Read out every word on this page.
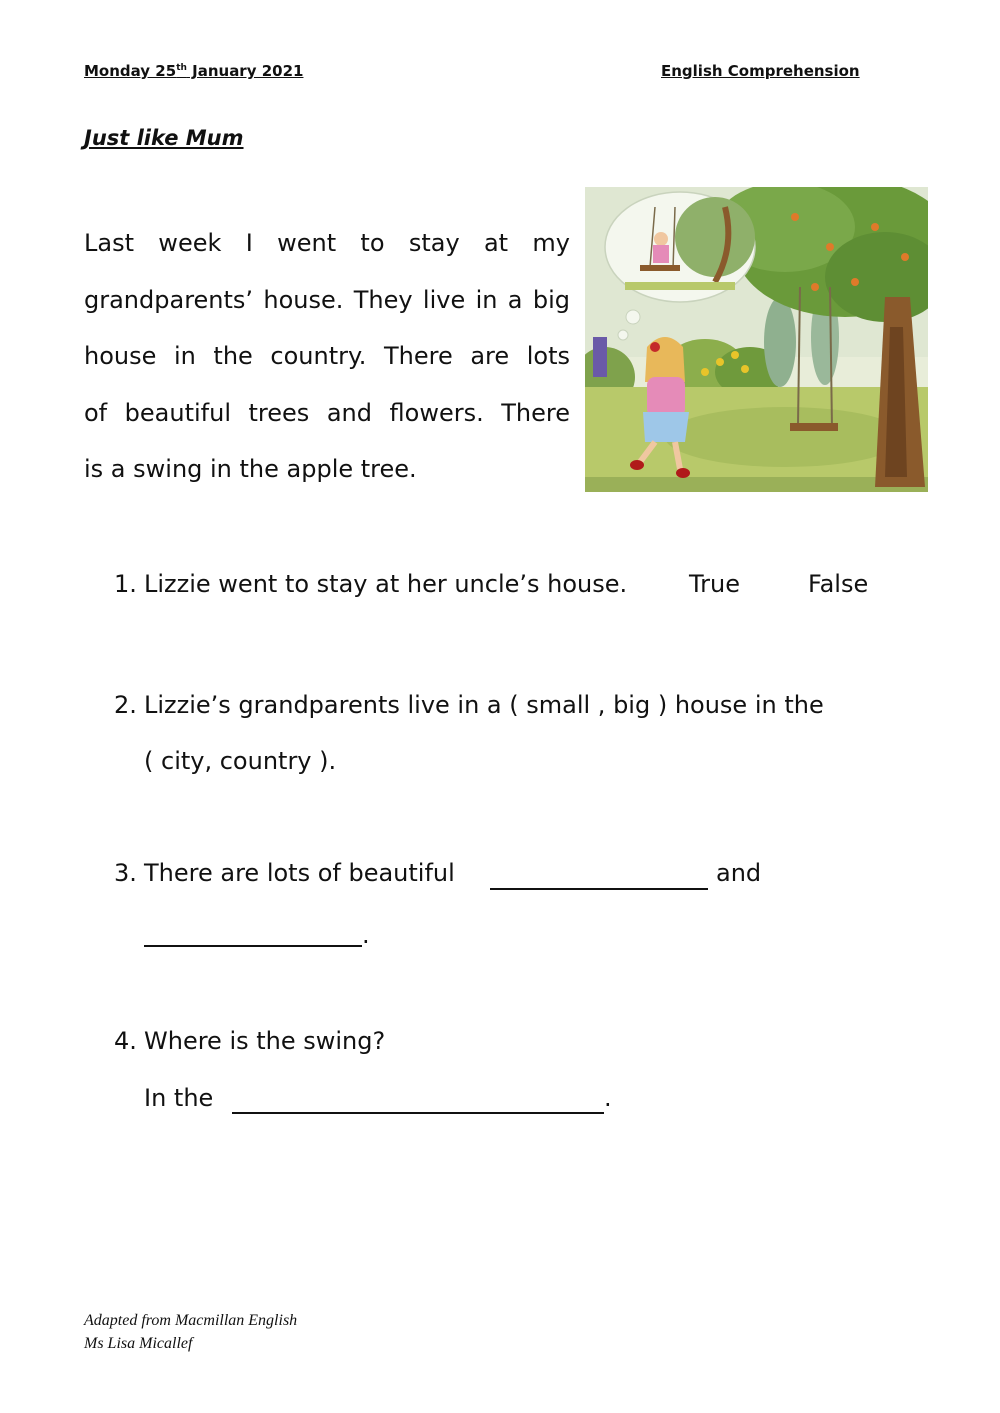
Monday 25th January 2021	English Comprehension
Just like Mum
Last week I went to stay at my
grandparents’ house. They live in a big
house in the country. There are lots
of beautiful trees and flowers. There
is a swing in the apple tree.
1. Lizzie went to stay at her uncle’s house.	True	False
2. Lizzie’s grandparents live in a ( small , big ) house in the
( city, country ).
3. There are lots of beautiful	and
.
4. Where is the swing?
In the	.
Adapted from Macmillan English
Ms Lisa Micallef
